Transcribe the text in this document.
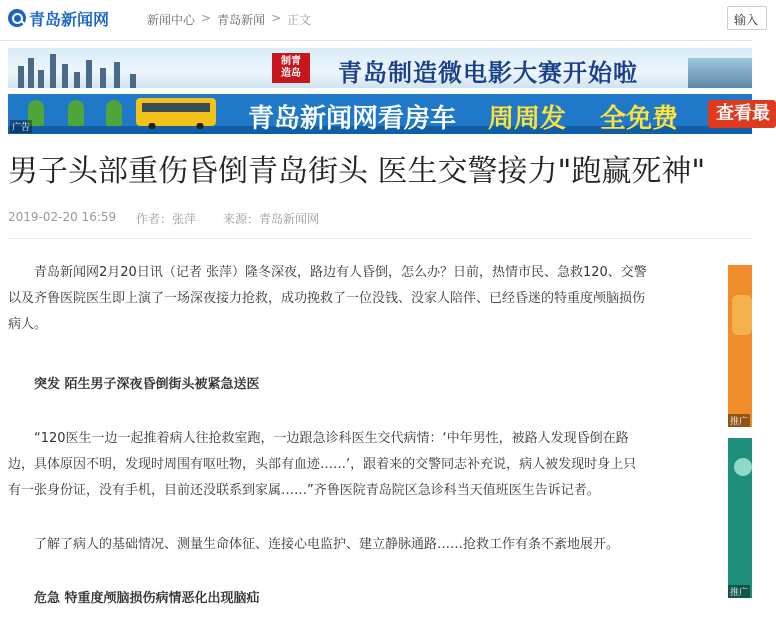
青岛新闻网	新闻中心 > 青岛新闻 > 正文	输入
制青
造岛	青岛制造微电影大赛开始啦
广告	青岛新闻网看房车 周周发 全免费	查看最
男子头部重伤昏倒青岛街头 医生交警接力"跑赢死神"
2019-02-20 16:59	作者：张萍	来源：青岛新闻网

青岛新闻网2月20日讯（记者 张萍）隆冬深夜，路边有人昏倒，怎么办？日前，热情市民、急救120、交警以及齐鲁医院医生即上演了一场深夜接力抢救，成功挽救了一位没钱、没家人陪伴、已经昏迷的特重度颅脑损伤病人。

突发 陌生男子深夜昏倒街头被紧急送医

“120医生一边一起推着病人往抢救室跑，一边跟急诊科医生交代病情：‘中年男性，被路人发现昏倒在路边，具体原因不明，发现时周围有呕吐物，头部有血迹……’，跟着来的交警同志补充说，病人被发现时身上只有一张身份证，没有手机，目前还没联系到家属……”齐鲁医院青岛院区急诊科当天值班医生告诉记者。

了解了病人的基础情况、测量生命体征、连接心电监护、建立静脉通路……抢救工作有条不紊地展开。

危急 特重度颅脑损伤病情恶化出现脑疝

推广
推广
